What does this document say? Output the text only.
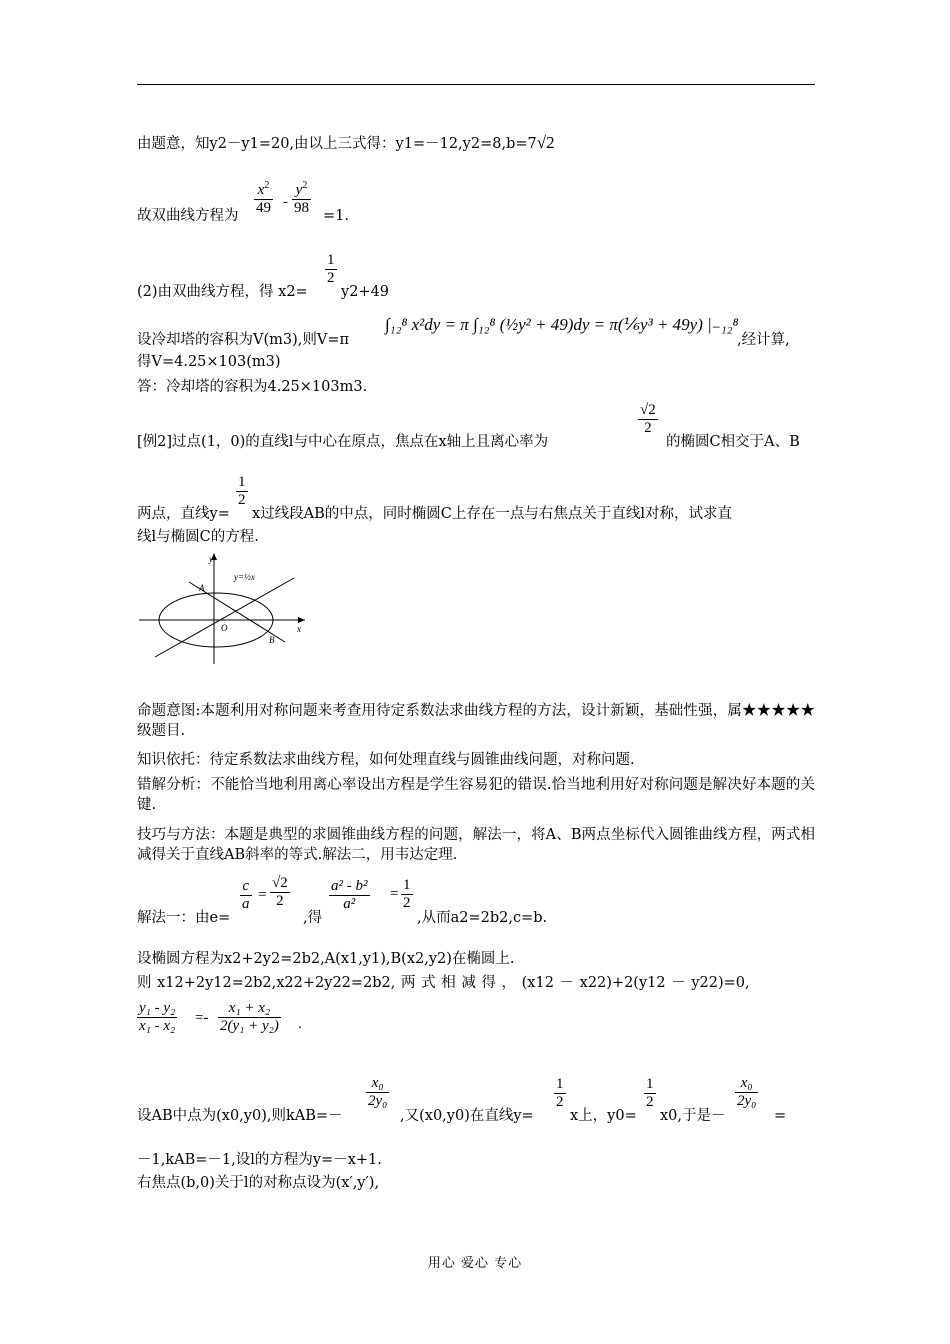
由题意，知y2－y1=20,由以上三式得：y1=－12,y2=8,b=7√2
故双曲线方程为
$x^2$
49 -
$y^2$
98 =1.
(2)由双曲线方程，得 x2=
1
2
y2+49
设冷却塔的容积为V(m3),则V=π
∫₁₂⁸ x²dy = π ∫₁₂⁸ (½y² + 49)dy = π(⅙y³ + 49y) |₋₁₂⁸
,经计算,
得V=4.25×103(m3)
答：冷却塔的容积为4.25×103m3.
[例2]过点(1，0)的直线l与中心在原点，焦点在x轴上且离心率为
√2
2
的椭圆C相交于A、B
两点，直线y=
1
2
x过线段AB的中点，同时椭圆C上存在一点与右焦点关于直线l对称，试求直
线l与椭圆C的方程.
y
x
O
A
B
y=½x
命题意图:本题利用对称问题来考查用待定系数法求曲线方程的方法，设计新颖，基础性强，属★★★★★级题目.
知识依托：待定系数法求曲线方程，如何处理直线与圆锥曲线问题，对称问题.
错解分析：不能恰当地利用离心率设出方程是学生容易犯的错误.恰当地利用好对称问题是解决好本题的关键.
技巧与方法：本题是典型的求圆锥曲线方程的问题，解法一，将A、B两点坐标代入圆锥曲线方程，两式相减得关于直线AB斜率的等式.解法二，用韦达定理.
解法一：由e=
c
a
=
√2
2
,得
a² - b²
a²
=
1
2
,从而a2=2b2,c=b.
设椭圆方程为x2+2y2=2b2,A(x1,y1),B(x2,y2)在椭圆上.
则 x12+2y12=2b2,x22+2y22=2b2, 两 式 相 减 得 ， (x12 － x22)+2(y12 － y22)=0,
y₁ - y₂
x₁ - x₂ =-
x₁ + x₂
2(y₁ + y₂) .
设AB中点为(x0,y0),则kAB=－
x₀
2y₀
,又(x0,y0)在直线y=
1
2
x上，y0=
1
2
x0,于是－
x₀
2y₀
=
－1,kAB=－1,设l的方程为y=－x+1.
右焦点(b,0)关于l的对称点设为(x′,y′),
用心 爱心 专心
